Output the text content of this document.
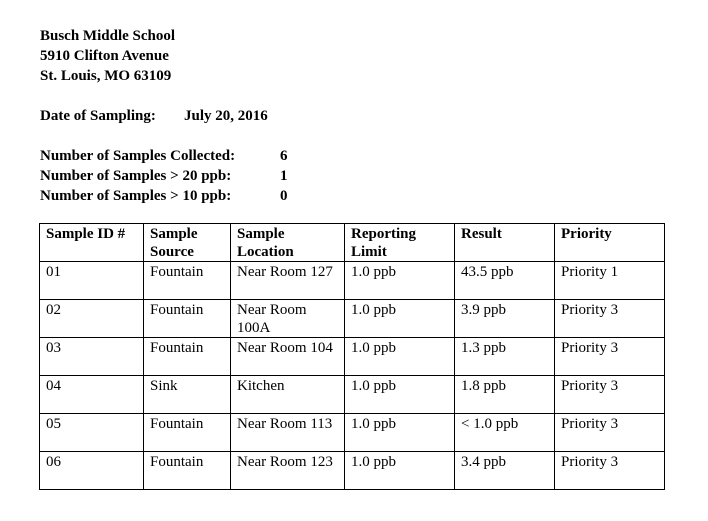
Busch Middle School
5910 Clifton Avenue
St. Louis, MO 63109
Date of Sampling: July 20, 2016
Number of Samples Collected:	6
Number of Samples > 20 ppb:	1
Number of Samples > 10 ppb:	0
Sample ID #	Sample Source	Sample Location	Reporting Limit	Result	Priority
01	Fountain	Near Room 127	1.0 ppb	43.5 ppb	Priority 1
02	Fountain	Near Room 100A	1.0 ppb	3.9 ppb	Priority 3
03	Fountain	Near Room 104	1.0 ppb	1.3 ppb	Priority 3
04	Sink	Kitchen	1.0 ppb	1.8 ppb	Priority 3
05	Fountain	Near Room 113	1.0 ppb	< 1.0 ppb	Priority 3
06	Fountain	Near Room 123	1.0 ppb	3.4 ppb	Priority 3
